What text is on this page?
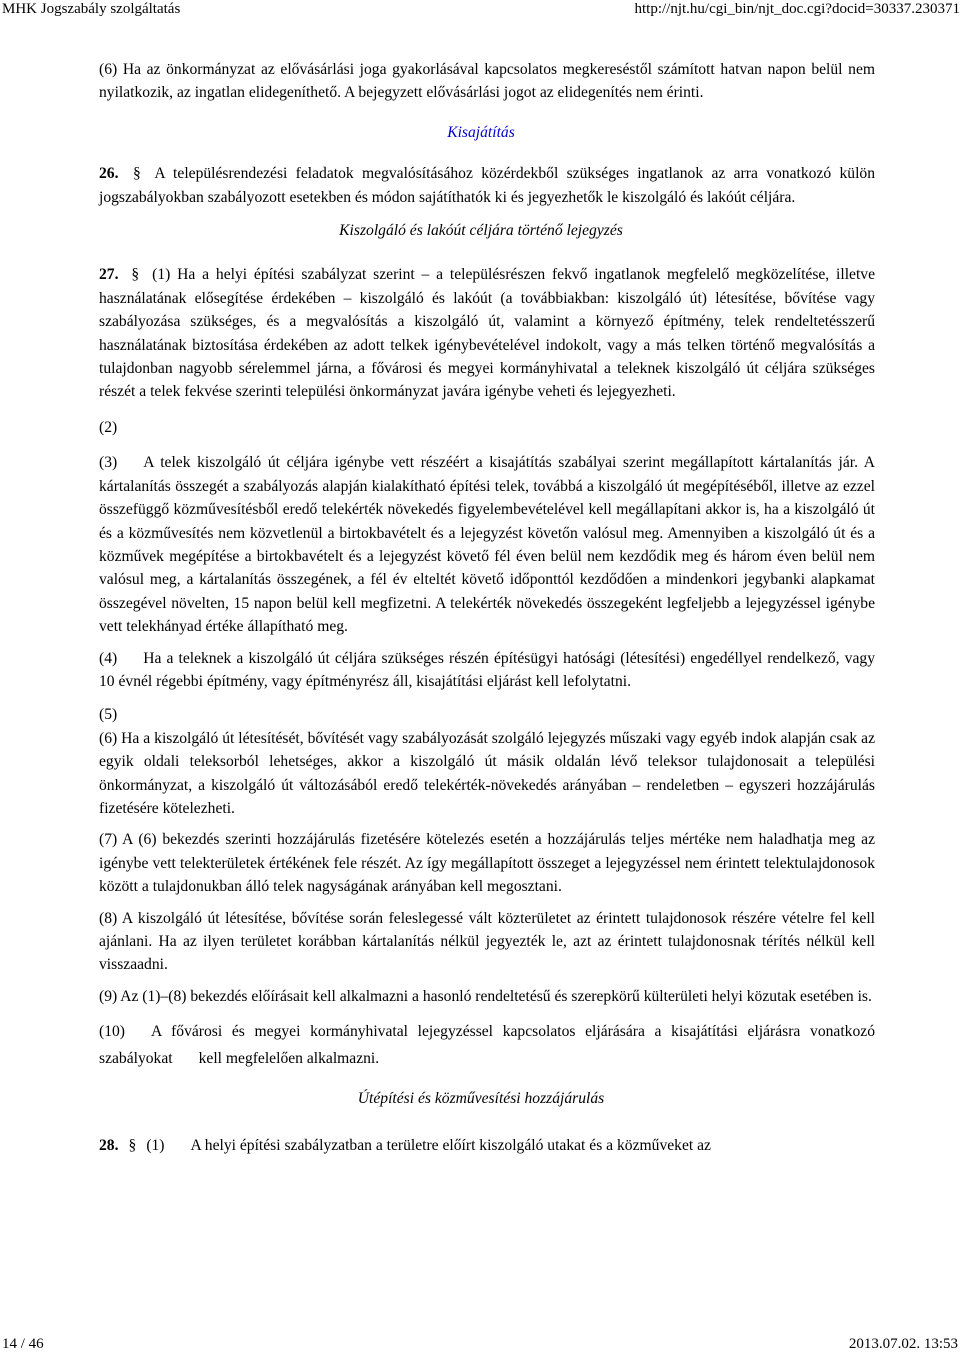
MHK Jogszabály szolgáltatás	http://njt.hu/cgi_bin/njt_doc.cgi?docid=30337.230371

(6) Ha az önkormányzat az elővásárlási joga gyakorlásával kapcsolatos megkereséstől számított hatvan napon belül nem nyilatkozik, az ingatlan elidegeníthető. A bejegyzett elővásárlási jogot az elidegenítés nem érinti.

Kisajátítás

26. § A településrendezési feladatok megvalósításához közérdekből szükséges ingatlanok az arra vonatkozó külön jogszabályokban szabályozott esetekben és módon sajátíthatók ki és jegyezhetők le kiszolgáló és lakóút céljára.

Kiszolgáló és lakóút céljára történő lejegyzés

27. § (1) Ha a helyi építési szabályzat szerint – a településrészen fekvő ingatlanok megfelelő megközelítése, illetve használatának elősegítése érdekében – kiszolgáló és lakóút (a továbbiakban: kiszolgáló út) létesítése, bővítése vagy szabályozása szükséges, és a megvalósítás a kiszolgáló út, valamint a környező építmény, telek rendeltetésszerű használatának biztosítása érdekében az adott telkek igénybevételével indokolt, vagy a más telken történő megvalósítás a tulajdonban nagyobb sérelemmel járna, a fővárosi és megyei kormányhivatal a teleknek kiszolgáló út céljára szükséges részét a telek fekvése szerinti települési önkormányzat javára igénybe veheti és lejegyezheti.

(2)

(3) A telek kiszolgáló út céljára igénybe vett részéért a kisajátítás szabályai szerint megállapított kártalanítás jár. A kártalanítás összegét a szabályozás alapján kialakítható építési telek, továbbá a kiszolgáló út megépítéséből, illetve az ezzel összefüggő közművesítésből eredő telekérték növekedés figyelembevételével kell megállapítani akkor is, ha a kiszolgáló út és a közművesítés nem közvetlenül a birtokbavételt és a lejegyzést követőn valósul meg. Amennyiben a kiszolgáló út és a közművek megépítése a birtokbavételt és a lejegyzést követő fél éven belül nem kezdődik meg és három éven belül nem valósul meg, a kártalanítás összegének, a fél év elteltét követő időponttól kezdődően a mindenkori jegybanki alapkamat összegével növelten, 15 napon belül kell megfizetni. A telekérték növekedés összegeként legfeljebb a lejegyzéssel igénybe vett telekhányad értéke állapítható meg.

(4) Ha a teleknek a kiszolgáló út céljára szükséges részén építésügyi hatósági (létesítési) engedéllyel rendelkező, vagy 10 évnél régebbi építmény, vagy építményrész áll, kisajátítási eljárást kell lefolytatni.

(5)

(6) Ha a kiszolgáló út létesítését, bővítését vagy szabályozását szolgáló lejegyzés műszaki vagy egyéb indok alapján csak az egyik oldali teleksorból lehetséges, akkor a kiszolgáló út másik oldalán lévő teleksor tulajdonosait a települési önkormányzat, a kiszolgáló út változásából eredő telekérték-növekedés arányában – rendeletben – egyszeri hozzájárulás fizetésére kötelezheti.

(7) A (6) bekezdés szerinti hozzájárulás fizetésére kötelezés esetén a hozzájárulás teljes mértéke nem haladhatja meg az igénybe vett telekterületek értékének fele részét. Az így megállapított összeget a lejegyzéssel nem érintett telektulajdonosok között a tulajdonukban álló telek nagyságának arányában kell megosztani.

(8) A kiszolgáló út létesítése, bővítése során feleslegessé vált közterületet az érintett tulajdonosok részére vételre fel kell ajánlani. Ha az ilyen területet korábban kártalanítás nélkül jegyezték le, azt az érintett tulajdonosnak térítés nélkül kell visszaadni.

(9) Az (1)–(8) bekezdés előírásait kell alkalmazni a hasonló rendeltetésű és szerepkörű külterületi helyi közutak esetében is.

(10) A fővárosi és megyei kormányhivatal lejegyzéssel kapcsolatos eljárására a kisajátítási eljárásra vonatkozó szabályokat kell megfelelően alkalmazni.

Útépítési és közművesítési hozzájárulás

28. § (1) A helyi építési szabályzatban a területre előírt kiszolgáló utakat és a közműveket az

14 / 46	2013.07.02. 13:53
